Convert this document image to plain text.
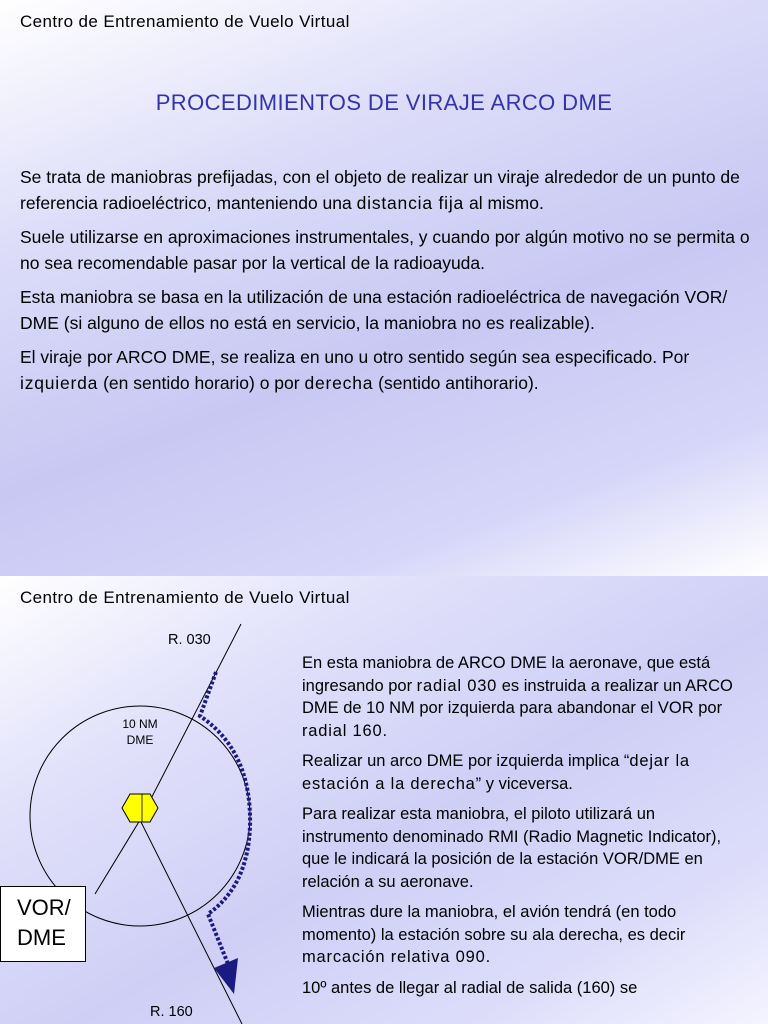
Centro de Entrenamiento de Vuelo Virtual
PROCEDIMIENTOS DE VIRAJE ARCO DME

Se trata de maniobras prefijadas, con el objeto de realizar un viraje alrededor de un punto de referencia radioeléctrico, manteniendo una distancia fija al mismo.

Suele utilizarse en aproximaciones instrumentales, y cuando por algún motivo no se permita o no sea recomendable pasar por la vertical de la radioayuda.

Esta maniobra se basa en la utilización de una estación radioeléctrica de navegación VOR/ DME (si alguno de ellos no está en servicio, la maniobra no es realizable).

El viraje por ARCO DME, se realiza en uno u otro sentido según sea especificado. Por izquierda (en sentido horario) o por derecha (sentido antihorario).

Centro de Entrenamiento de Vuelo Virtual
R. 030
R. 160
10 NM
DME
VOR/
DME

En esta maniobra de ARCO DME la aeronave, que está ingresando por radial 030 es instruida a realizar un ARCO DME de 10 NM por izquierda para abandonar el VOR por radial 160.

Realizar un arco DME por izquierda implica “dejar la estación a la derecha” y viceversa.

Para realizar esta maniobra, el piloto utilizará un instrumento denominado RMI (Radio Magnetic Indicator), que le indicará la posición de la estación VOR/DME en relación a su aeronave.

Mientras dure la maniobra, el avión tendrá (en todo momento) la estación sobre su ala derecha, es decir marcación relativa 090.

10º antes de llegar al radial de salida (160) se
